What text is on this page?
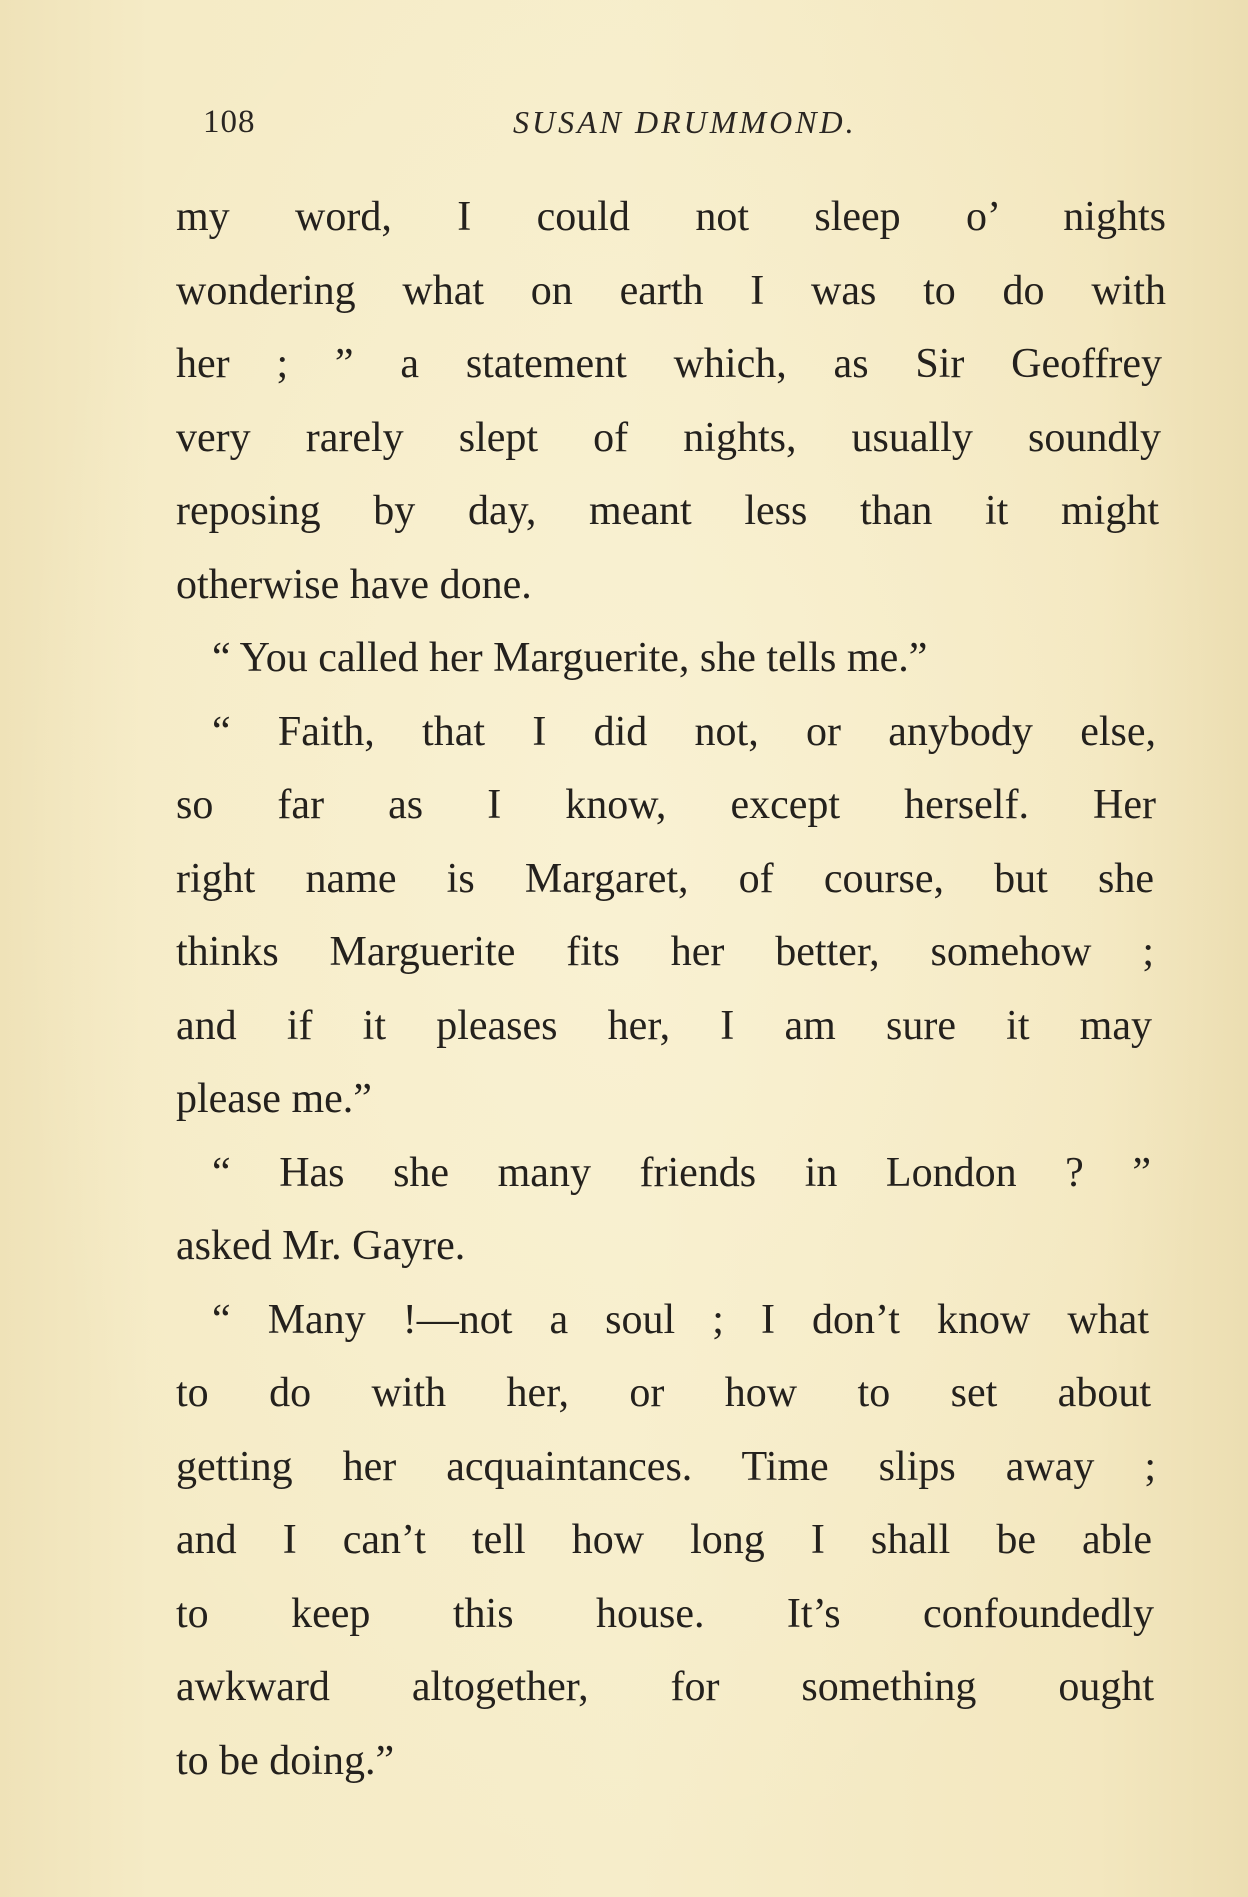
108	SUSAN DRUMMOND.
my word, I could not sleep o’ nights
wondering what on earth I was to do with
her ; ” a statement which, as Sir Geoffrey
very rarely slept of nights, usually soundly
reposing by day, meant less than it might
otherwise have done.
“ You called her Marguerite, she tells me.”
“ Faith, that I did not, or anybody else,
so far as I know, except herself. Her
right name is Margaret, of course, but she
thinks Marguerite fits her better, somehow ;
and if it pleases her, I am sure it may
please me.”
“ Has she many friends in London ? ”
asked Mr. Gayre.
“ Many !—not a soul ; I don’t know what
to do with her, or how to set about
getting her acquaintances. Time slips away ;
and I can’t tell how long I shall be able
to keep this house. It’s confoundedly
awkward altogether, for something ought
to be doing.”
